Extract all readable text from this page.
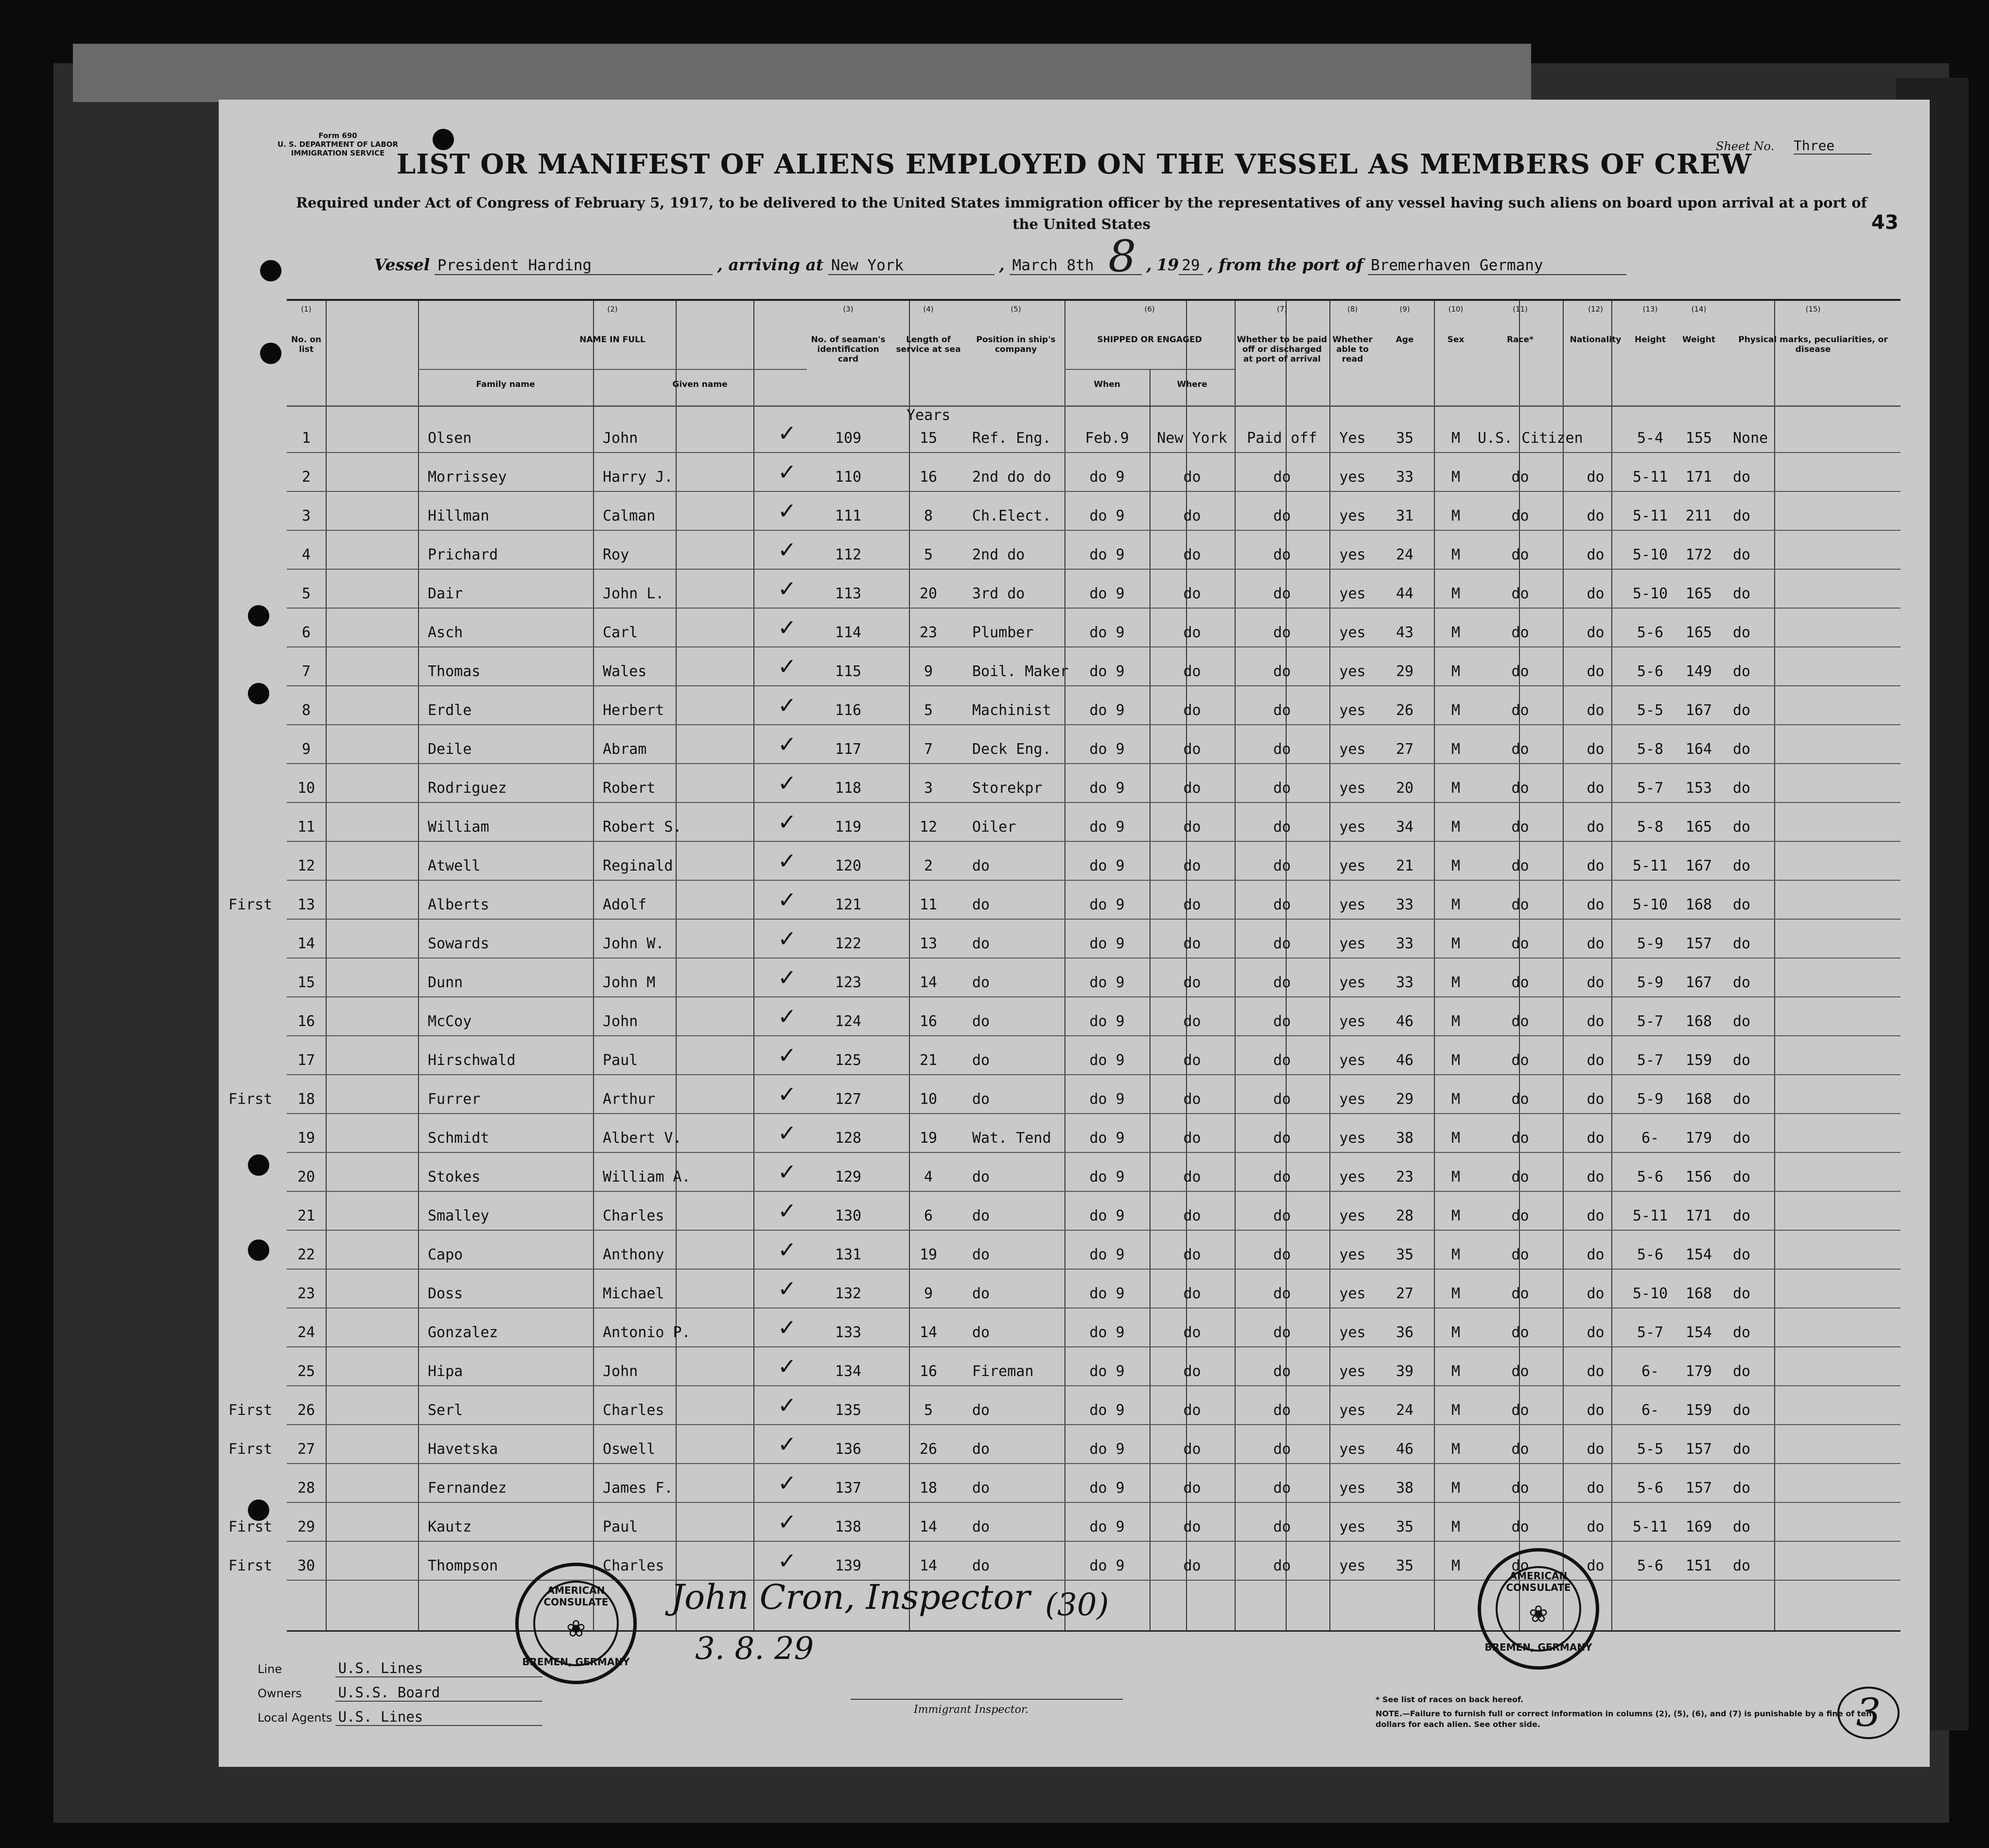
Form 690
U. S. DEPARTMENT OF LABOR
IMMIGRATION SERVICE	Sheet No. Three
LIST OR MANIFEST OF ALIENS EMPLOYED ON THE VESSEL AS MEMBERS OF CREW
Required under Act of Congress of February 5, 1917, to be delivered to the United States immigration officer by the representatives of any vessel having such aliens on board upon arrival at a port of the United States	43
Vessel President Harding	, arriving at New York	, March 8th	, 19 29 , from the port of Bremerhaven Germany
8
(1)
No. on list
(2)
NAME IN FULL
(3)
No. of seaman's identification card
(4)
Length of service at sea
(5)
Position in ship's company
(6)
SHIPPED OR ENGAGED
(7)
Whether to be paid off or discharged at port of arrival
(8)
Whether able to read
(9)
Age
(10)
Sex
(11)
Race*
(12)
Nationality
(13)
Height
(14)
Weight
(15)
Physical marks, peculiarities, or disease
Family name	Given name	When	Where
Years
1	Olsen	John	109	15	Ref. Eng.	Feb.9	New York	Paid off	Yes	35	M	U.S. Citizen	5-4	155	None
✓
2	Morrissey	Harry J.	110	16	2nd do do	do 9	do	do	yes	33	M	do	do	5-11	171	do
✓
3	Hillman	Calman	111	8	Ch.Elect.	do 9	do	do	yes	31	M	do	do	5-11	211	do
✓
4	Prichard	Roy	112	5	2nd do	do 9	do	do	yes	24	M	do	do	5-10	172	do
✓
5	Dair	John L.	113	20	3rd do	do 9	do	do	yes	44	M	do	do	5-10	165	do
✓
6	Asch	Carl	114	23	Plumber	do 9	do	do	yes	43	M	do	do	5-6	165	do
✓
7	Thomas	Wales	115	9	Boil. Maker	do 9	do	do	yes	29	M	do	do	5-6	149	do
✓
8	Erdle	Herbert	116	5	Machinist	do 9	do	do	yes	26	M	do	do	5-5	167	do
✓
9	Deile	Abram	117	7	Deck Eng.	do 9	do	do	yes	27	M	do	do	5-8	164	do
✓
10	Rodriguez	Robert	118	3	Storekpr	do 9	do	do	yes	20	M	do	do	5-7	153	do
✓
11	William	Robert S.	119	12	Oiler	do 9	do	do	yes	34	M	do	do	5-8	165	do
✓
12	Atwell	Reginald	120	2	do	do 9	do	do	yes	21	M	do	do	5-11	167	do
✓
13	Alberts	Adolf	121	11	do	do 9	do	do	yes	33	M	do	do	5-10	168	do
✓
First
14	Sowards	John W.	122	13	do	do 9	do	do	yes	33	M	do	do	5-9	157	do
✓
15	Dunn	John M	123	14	do	do 9	do	do	yes	33	M	do	do	5-9	167	do
✓
16	McCoy	John	124	16	do	do 9	do	do	yes	46	M	do	do	5-7	168	do
✓
17	Hirschwald	Paul	125	21	do	do 9	do	do	yes	46	M	do	do	5-7	159	do
✓
18	Furrer	Arthur	127	10	do	do 9	do	do	yes	29	M	do	do	5-9	168	do
✓
First
19	Schmidt	Albert V.	128	19	Wat. Tend	do 9	do	do	yes	38	M	do	do	6-	179	do
✓
20	Stokes	William A.	129	4	do	do 9	do	do	yes	23	M	do	do	5-6	156	do
✓
21	Smalley	Charles	130	6	do	do 9	do	do	yes	28	M	do	do	5-11	171	do
✓
22	Capo	Anthony	131	19	do	do 9	do	do	yes	35	M	do	do	5-6	154	do
✓
23	Doss	Michael	132	9	do	do 9	do	do	yes	27	M	do	do	5-10	168	do
✓
24	Gonzalez	Antonio P.	133	14	do	do 9	do	do	yes	36	M	do	do	5-7	154	do
✓
25	Hipa	John	134	16	Fireman	do 9	do	do	yes	39	M	do	do	6-	179	do
✓
26	Serl	Charles	135	5	do	do 9	do	do	yes	24	M	do	do	6-	159	do
✓
First
27	Havetska	Oswell	136	26	do	do 9	do	do	yes	46	M	do	do	5-5	157	do
✓
First
28	Fernandez	James F.	137	18	do	do 9	do	do	yes	38	M	do	do	5-6	157	do
✓
29	Kautz	Paul	138	14	do	do 9	do	do	yes	35	M	do	do	5-11	169	do
✓
First
30	Thompson	Charles	139	14	do	do 9	do	do	yes	35	M	do	do	5-6	151	do
✓
First
John Cron, Inspector (30)
3. 8. 29
AMERICAN CONSULATE
❀
BREMEN, GERMANY
AMERICAN CONSULATE
❀
BREMEN, GERMANY
Line	U.S. Lines
Owners	U.S.S. Board
Local Agents U.S. Lines	Immigrant Inspector.
* See list of races on back hereof.
NOTE.—Failure to furnish full or correct information in columns (2), (5), (6), and (7) is punishable by a fine of ten dollars for each alien. See other side.	3
